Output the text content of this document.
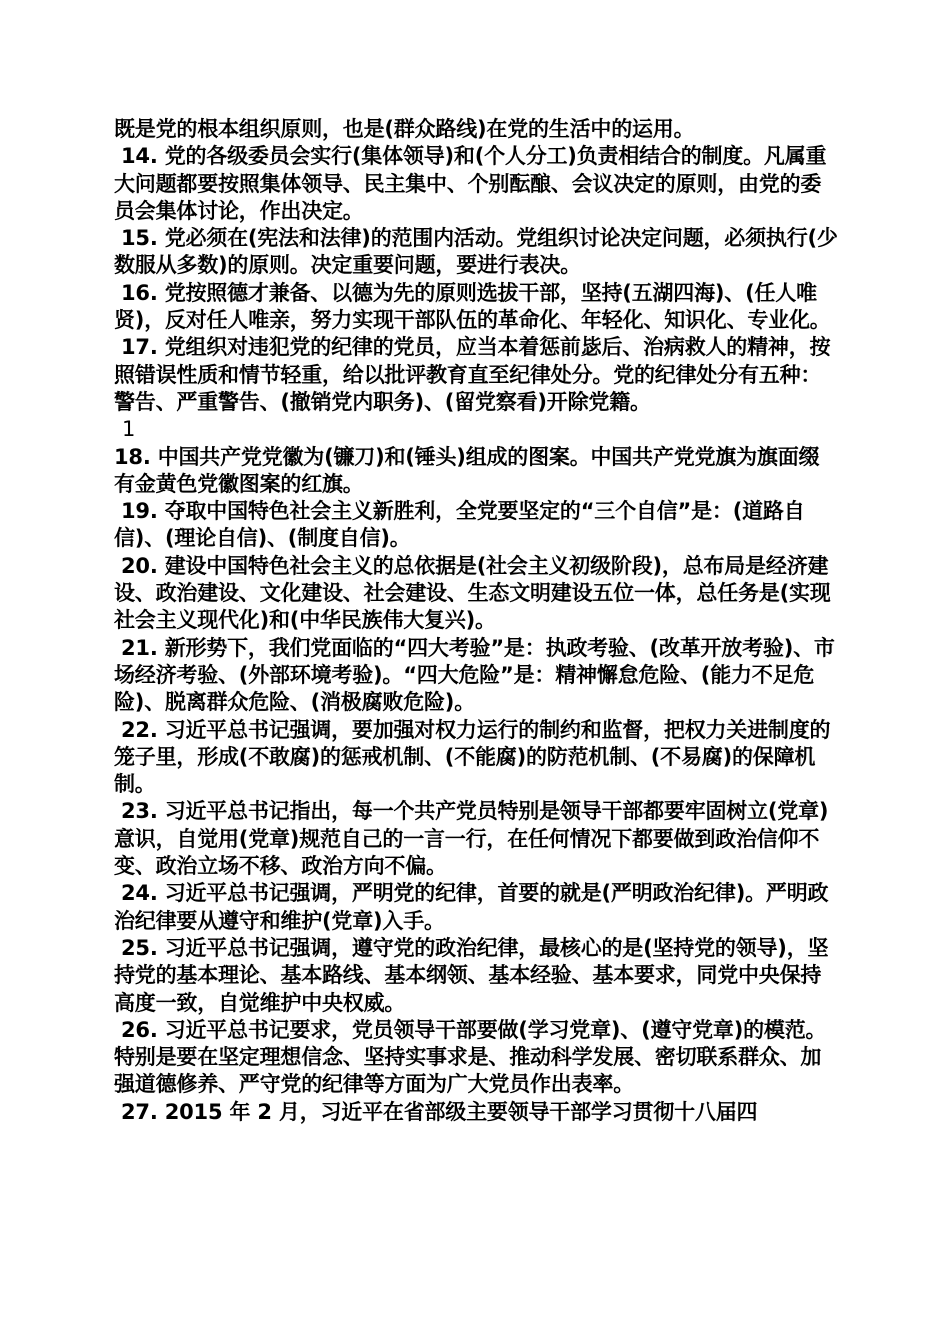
既是党的根本组织原则，也是(群众路线)在党的生活中的运用。

14. 党的各级委员会实行(集体领导)和(个人分工)负责相结合的制度。凡属重大问题都要按照集体领导、民主集中、个别酝酿、会议决定的原则，由党的委员会集体讨论，作出决定。

15. 党必须在(宪法和法律)的范围内活动。党组织讨论决定问题，必须执行(少数服从多数)的原则。决定重要问题，要进行表决。

16. 党按照德才兼备、以德为先的原则选拔干部，坚持(五湖四海)、(任人唯贤)，反对任人唯亲，努力实现干部队伍的革命化、年轻化、知识化、专业化。

17. 党组织对违犯党的纪律的党员，应当本着惩前毖后、治病救人的精神，按照错误性质和情节轻重，给以批评教育直至纪律处分。党的纪律处分有五种：警告、严重警告、(撤销党内职务)、(留党察看)开除党籍。

1

18. 中国共产党党徽为(镰刀)和(锤头)组成的图案。中国共产党党旗为旗面缀有金黄色党徽图案的红旗。

19. 夺取中国特色社会主义新胜利，全党要坚定的“三个自信”是：(道路自信)、(理论自信)、(制度自信)。

20. 建设中国特色社会主义的总依据是(社会主义初级阶段)，总布局是经济建设、政治建设、文化建设、社会建设、生态文明建设五位一体，总任务是(实现社会主义现代化)和(中华民族伟大复兴)。

21. 新形势下，我们党面临的“四大考验”是：执政考验、(改革开放考验)、市场经济考验、(外部环境考验)。“四大危险”是：精神懈怠危险、(能力不足危险)、脱离群众危险、(消极腐败危险)。

22. 习近平总书记强调，要加强对权力运行的制约和监督，把权力关进制度的笼子里，形成(不敢腐)的惩戒机制、(不能腐)的防范机制、(不易腐)的保障机制。

23. 习近平总书记指出，每一个共产党员特别是领导干部都要牢固树立(党章)意识，自觉用(党章)规范自己的一言一行，在任何情况下都要做到政治信仰不变、政治立场不移、政治方向不偏。

24. 习近平总书记强调，严明党的纪律，首要的就是(严明政治纪律)。严明政治纪律要从遵守和维护(党章)入手。

25. 习近平总书记强调，遵守党的政治纪律，最核心的是(坚持党的领导)，坚持党的基本理论、基本路线、基本纲领、基本经验、基本要求，同党中央保持高度一致，自觉维护中央权威。

26. 习近平总书记要求，党员领导干部要做(学习党章)、(遵守党章)的模范。特别是要在坚定理想信念、坚持实事求是、推动科学发展、密切联系群众、加强道德修养、严守党的纪律等方面为广大党员作出表率。

27. 2015 年 2 月，习近平在省部级主要领导干部学习贯彻十八届四
